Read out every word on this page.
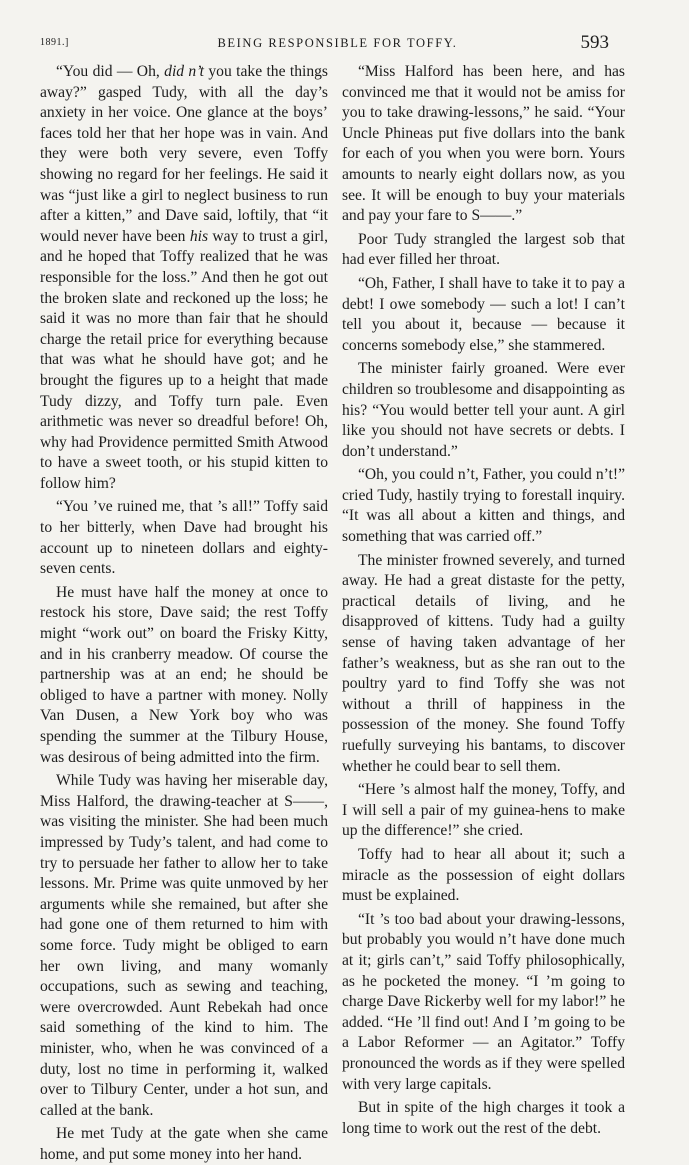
1891.]	BEING RESPONSIBLE FOR TOFFY.	593

“You did — Oh, did n’t you take the things away?” gasped Tudy, with all the day’s anxiety in her voice. One glance at the boys’ faces told her that her hope was in vain. And they were both very severe, even Toffy showing no regard for her feelings. He said it was “just like a girl to neglect business to run after a kitten,” and Dave said, loftily, that “it would never have been his way to trust a girl, and he hoped that Toffy realized that he was responsible for the loss.” And then he got out the broken slate and reckoned up the loss; he said it was no more than fair that he should charge the retail price for everything because that was what he should have got; and he brought the figures up to a height that made Tudy dizzy, and Toffy turn pale. Even arithmetic was never so dreadful before! Oh, why had Providence permitted Smith Atwood to have a sweet tooth, or his stupid kitten to follow him?

“You ’ve ruined me, that ’s all!” Toffy said to her bitterly, when Dave had brought his account up to nineteen dollars and eighty-seven cents.

He must have half the money at once to restock his store, Dave said; the rest Toffy might “work out” on board the Frisky Kitty, and in his cranberry meadow. Of course the partnership was at an end; he should be obliged to have a partner with money. Nolly Van Dusen, a New York boy who was spending the summer at the Tilbury House, was desirous of being admitted into the firm.

While Tudy was having her miserable day, Miss Halford, the drawing-teacher at S——, was visiting the minister. She had been much impressed by Tudy’s talent, and had come to try to persuade her father to allow her to take lessons. Mr. Prime was quite unmoved by her arguments while she remained, but after she had gone one of them returned to him with some force. Tudy might be obliged to earn her own living, and many womanly occupations, such as sewing and teaching, were overcrowded. Aunt Rebekah had once said something of the kind to him. The minister, who, when he was convinced of a duty, lost no time in performing it, walked over to Tilbury Center, under a hot sun, and called at the bank.

He met Tudy at the gate when she came home, and put some money into her hand.

“Miss Halford has been here, and has convinced me that it would not be amiss for you to take drawing-lessons,” he said. “Your Uncle Phineas put five dollars into the bank for each of you when you were born. Yours amounts to nearly eight dollars now, as you see. It will be enough to buy your materials and pay your fare to S——.”

Poor Tudy strangled the largest sob that had ever filled her throat.

“Oh, Father, I shall have to take it to pay a debt! I owe somebody — such a lot! I can’t tell you about it, because — because it concerns somebody else,” she stammered.

The minister fairly groaned. Were ever children so troublesome and disappointing as his? “You would better tell your aunt. A girl like you should not have secrets or debts. I don’t understand.”

“Oh, you could n’t, Father, you could n’t!” cried Tudy, hastily trying to forestall inquiry. “It was all about a kitten and things, and something that was carried off.”

The minister frowned severely, and turned away. He had a great distaste for the petty, practical details of living, and he disapproved of kittens. Tudy had a guilty sense of having taken advantage of her father’s weakness, but as she ran out to the poultry yard to find Toffy she was not without a thrill of happiness in the possession of the money. She found Toffy ruefully surveying his bantams, to discover whether he could bear to sell them.

“Here ’s almost half the money, Toffy, and I will sell a pair of my guinea-hens to make up the difference!” she cried.

Toffy had to hear all about it; such a miracle as the possession of eight dollars must be explained.

“It ’s too bad about your drawing-lessons, but probably you would n’t have done much at it; girls can’t,” said Toffy philosophically, as he pocketed the money. “I ’m going to charge Dave Rickerby well for my labor!” he added. “He ’ll find out! And I ’m going to be a Labor Reformer — an Agitator.” Toffy pronounced the words as if they were spelled with very large capitals.

But in spite of the high charges it took a long time to work out the rest of the debt.
